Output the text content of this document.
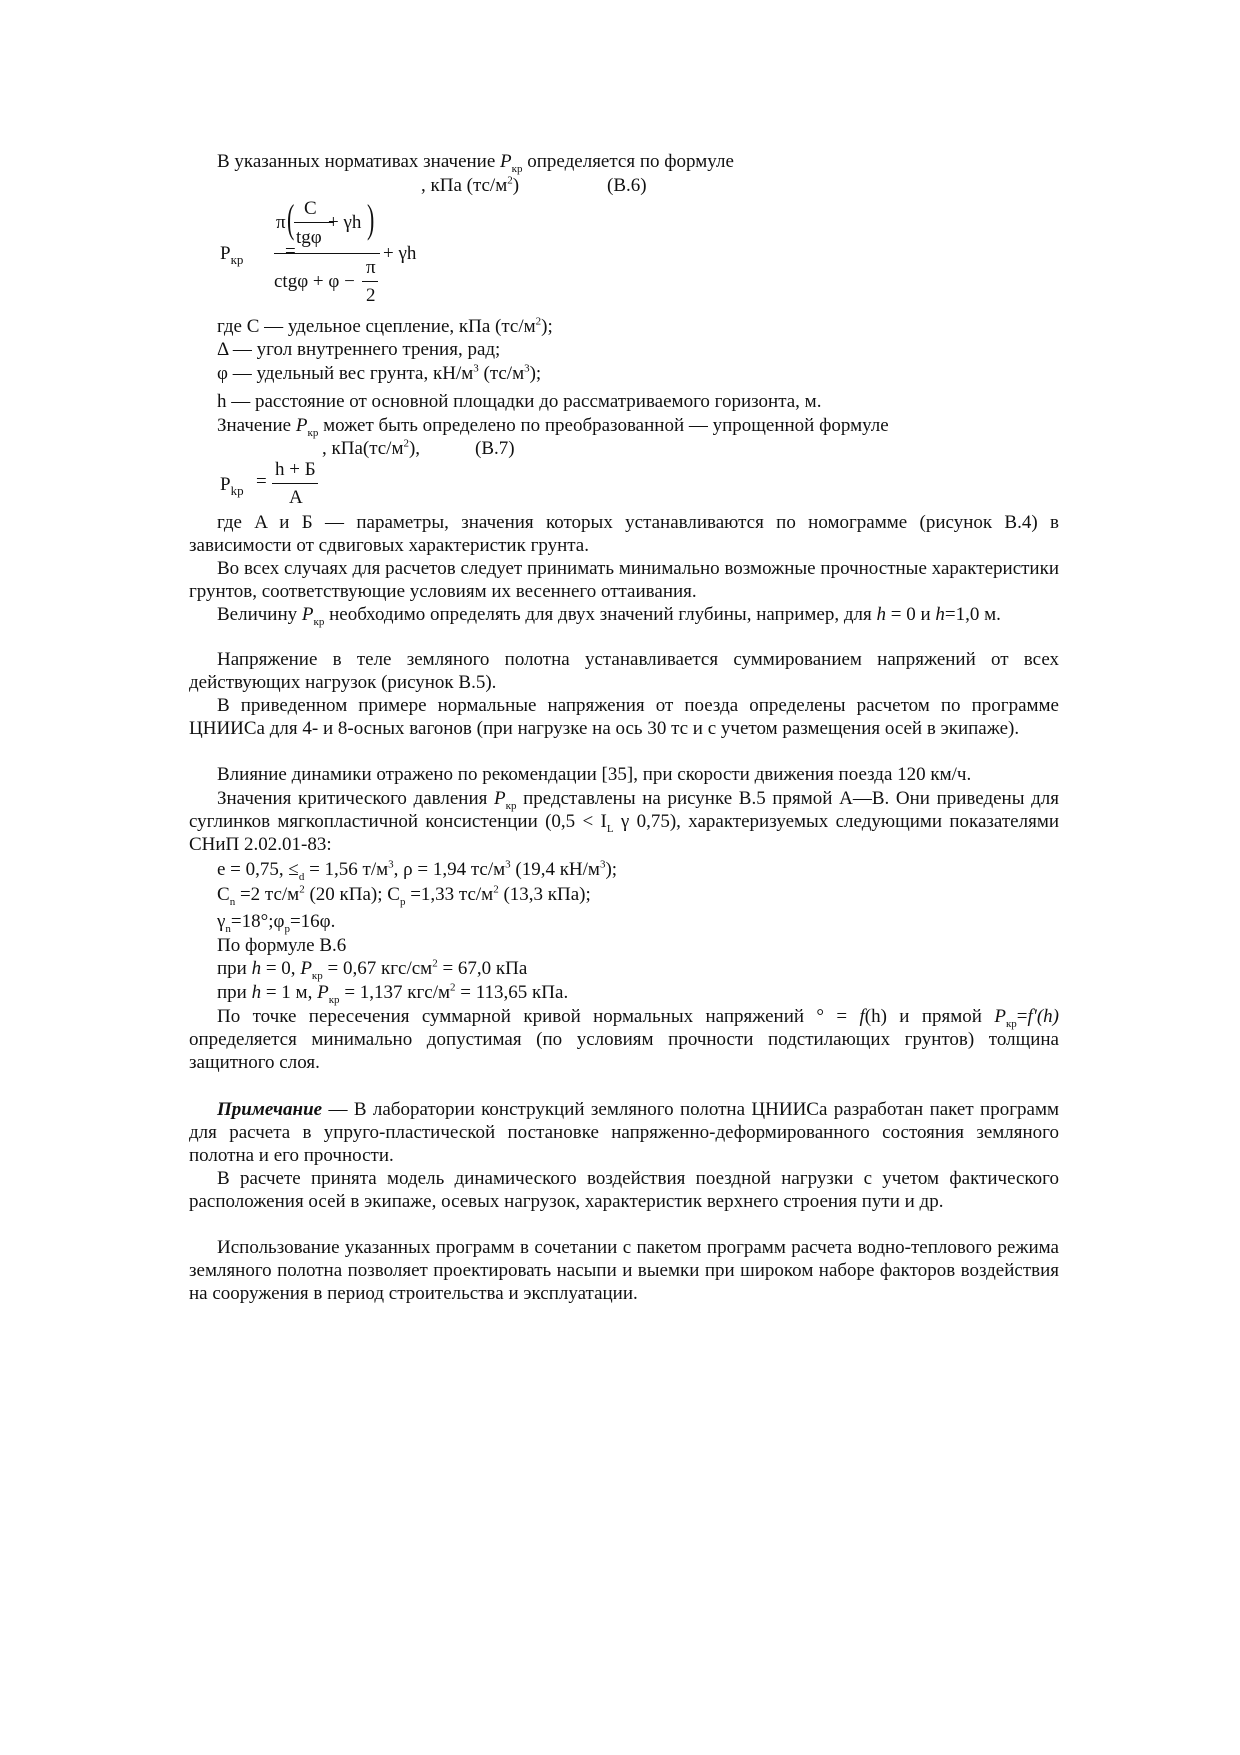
В указанных нормативах значение $P_{кр}$ определяется по формуле
, кПа $(тс/м^2)$	(В.6)
$P_{кр}$ =
π ( C
tgφ
+ γh )
ctgφ + φ −
π
2
+ γh
где C — удельное сцепление, кПа $(тс/м^2)$;
Δ — угол внутреннего трения, рад;
φ — удельный вес грунта, $кН/м^3$ $(тс/м^3)$;
h — расстояние от основной площадки до рассматриваемого горизонта, м.
Значение $P_{кр}$ может быть определено по преобразованной — упрощенной формуле
, $кПа(тс/м^2)$,	(В.7)
$P_{kp}$ =
h + Б
A
где A и Б — параметры, значения которых устанавливаются по номограмме (рисунок В.4) в зависимости от сдвиговых характеристик грунта.
Во всех случаях для расчетов следует принимать минимально возможные прочностные характеристики грунтов, соответствующие условиям их весеннего оттаивания.
Величину $P_{кр}$ необходимо определять для двух значений глубины, например, для h = 0 и h=1,0 м.
Напряжение в теле земляного полотна устанавливается суммированием напряжений от всех действующих нагрузок (рисунок В.5).
В приведенном примере нормальные напряжения от поезда определены расчетом по программе ЦНИИСа для 4- и 8-осных вагонов (при нагрузке на ось 30 тс и с учетом размещения осей в экипаже).
Влияние динамики отражено по рекомендации [35], при скорости движения поезда 120 км/ч.
Значения критического давления $P_{кр}$ представлены на рисунке В.5 прямой А—В. Они приведены для суглинков мягкопластичной консистенции ($0,5 < I_L$ γ 0,75), характеризуемых следующими показателями СНиП 2.02.01-83:
e = 0,75, $\le_d = 1,56$ $т/м^3$, ρ = 1,94 $тс/м^3$ (19,4 $кН/м^3$);
$C_n =2$ $тс/м^2$ (20 кПа); $C_p =1,33$ $тс/м^2$ (13,3 кПа);
$\gamma_n=18^\circ;\varphi_p=16\varphi$.
По формуле В.6
при h = 0, $P_{кр} = 0,67$ кгс/$см^2 = 67,0$ кПа
при h = 1 м, $P_{кр} = 1,137$ кгс/$м^2 = 113,65$ кПа.
По точке пересечения суммарной кривой нормальных напряжений ° = f(h) и прямой $P_{кр}=f'(h)$ определяется минимально допустимая (по условиям прочности подстилающих грунтов) толщина защитного слоя.
Примечание — В лаборатории конструкций земляного полотна ЦНИИСа разработан пакет программ для расчета в упруго-пластической постановке напряженно-деформированного состояния земляного полотна и его прочности.
В расчете принята модель динамического воздействия поездной нагрузки с учетом фактического расположения осей в экипаже, осевых нагрузок, характеристик верхнего строения пути и др.
Использование указанных программ в сочетании с пакетом программ расчета водно-теплового режима земляного полотна позволяет проектировать насыпи и выемки при широком наборе факторов воздействия на сооружения в период строительства и эксплуатации.
